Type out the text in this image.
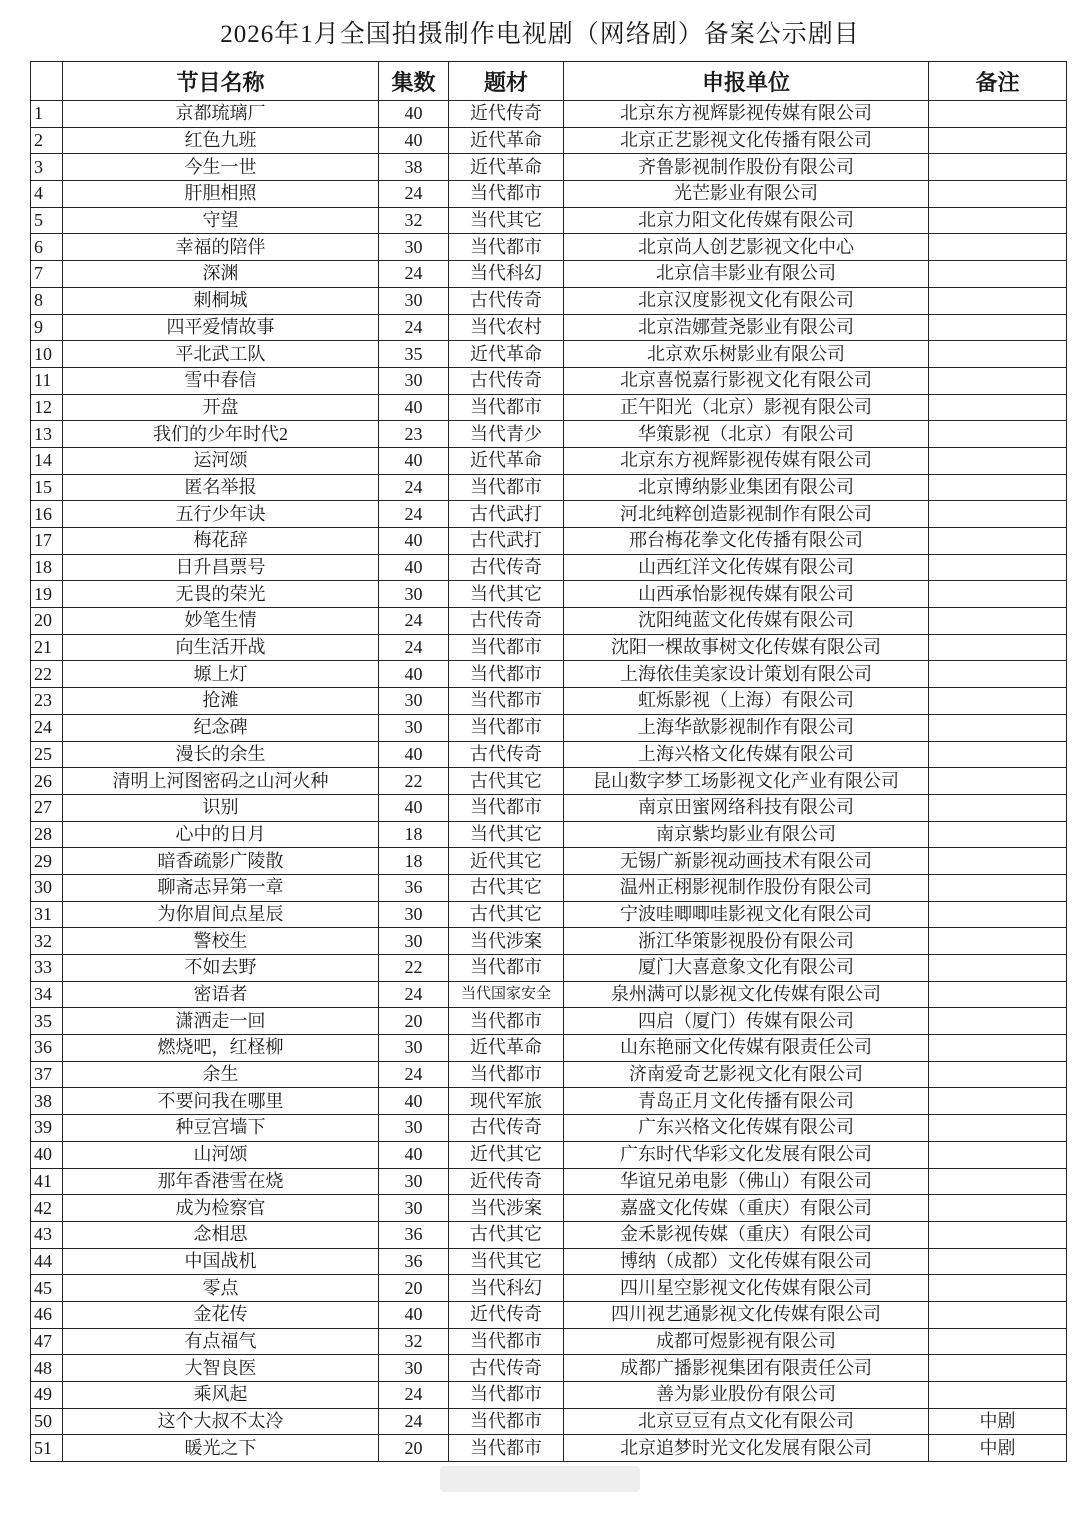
2026年1月全国拍摄制作电视剧（网络剧）备案公示剧目
	节目名称	集数	题材	申报单位	备注
1	京都琉璃厂	40	近代传奇	北京东方视辉影视传媒有限公司	
2	红色九班	40	近代革命	北京正艺影视文化传播有限公司	
3	今生一世	38	近代革命	齐鲁影视制作股份有限公司	
4	肝胆相照	24	当代都市	光芒影业有限公司	
5	守望	32	当代其它	北京力阳文化传媒有限公司	
6	幸福的陪伴	30	当代都市	北京尚人创艺影视文化中心	
7	深渊	24	当代科幻	北京信丰影业有限公司	
8	刺桐城	30	古代传奇	北京汉度影视文化有限公司	
9	四平爱情故事	24	当代农村	北京浩娜萱尧影业有限公司	
10	平北武工队	35	近代革命	北京欢乐树影业有限公司	
11	雪中春信	30	古代传奇	北京喜悦嘉行影视文化有限公司	
12	开盘	40	当代都市	正午阳光（北京）影视有限公司	
13	我们的少年时代2	23	当代青少	华策影视（北京）有限公司	
14	运河颂	40	近代革命	北京东方视辉影视传媒有限公司	
15	匿名举报	24	当代都市	北京博纳影业集团有限公司	
16	五行少年诀	24	古代武打	河北纯粹创造影视制作有限公司	
17	梅花辞	40	古代武打	邢台梅花拳文化传播有限公司	
18	日升昌票号	40	古代传奇	山西红洋文化传媒有限公司	
19	无畏的荣光	30	当代其它	山西承怡影视传媒有限公司	
20	妙笔生情	24	古代传奇	沈阳纯蓝文化传媒有限公司	
21	向生活开战	24	当代都市	沈阳一棵故事树文化传媒有限公司	
22	塬上灯	40	当代都市	上海依佳美家设计策划有限公司	
23	抢滩	30	当代都市	虹烁影视（上海）有限公司	
24	纪念碑	30	当代都市	上海华歆影视制作有限公司	
25	漫长的余生	40	古代传奇	上海兴格文化传媒有限公司	
26	清明上河图密码之山河火种	22	古代其它	昆山数字梦工场影视文化产业有限公司	
27	识别	40	当代都市	南京田蜜网络科技有限公司	
28	心中的日月	18	当代其它	南京紫均影业有限公司	
29	暗香疏影广陵散	18	近代其它	无锡广新影视动画技术有限公司	
30	聊斋志异第一章	36	古代其它	温州正栩影视制作股份有限公司	
31	为你眉间点星辰	30	古代其它	宁波哇唧唧哇影视文化有限公司	
32	警校生	30	当代涉案	浙江华策影视股份有限公司	
33	不如去野	22	当代都市	厦门大喜意象文化有限公司	
34	密语者	24	当代国家安全	泉州满可以影视文化传媒有限公司	
35	潇洒走一回	20	当代都市	四启（厦门）传媒有限公司	
36	燃烧吧，红柽柳	30	近代革命	山东艳丽文化传媒有限责任公司	
37	余生	24	当代都市	济南爱奇艺影视文化有限公司	
38	不要问我在哪里	40	现代军旅	青岛正月文化传播有限公司	
39	种豆宫墙下	30	古代传奇	广东兴格文化传媒有限公司	
40	山河颂	40	近代其它	广东时代华彩文化发展有限公司	
41	那年香港雪在烧	30	近代传奇	华谊兄弟电影（佛山）有限公司	
42	成为检察官	30	当代涉案	嘉盛文化传媒（重庆）有限公司	
43	念相思	36	古代其它	金禾影视传媒（重庆）有限公司	
44	中国战机	36	当代其它	博纳（成都）文化传媒有限公司	
45	零点	20	当代科幻	四川星空影视文化传媒有限公司	
46	金花传	40	近代传奇	四川视艺通影视文化传媒有限公司	
47	有点福气	32	当代都市	成都可煜影视有限公司	
48	大智良医	30	古代传奇	成都广播影视集团有限责任公司	
49	乘风起	24	当代都市	善为影业股份有限公司	
50	这个大叔不太冷	24	当代都市	北京豆豆有点文化有限公司	中剧
51	暖光之下	20	当代都市	北京追梦时光文化发展有限公司	中剧
